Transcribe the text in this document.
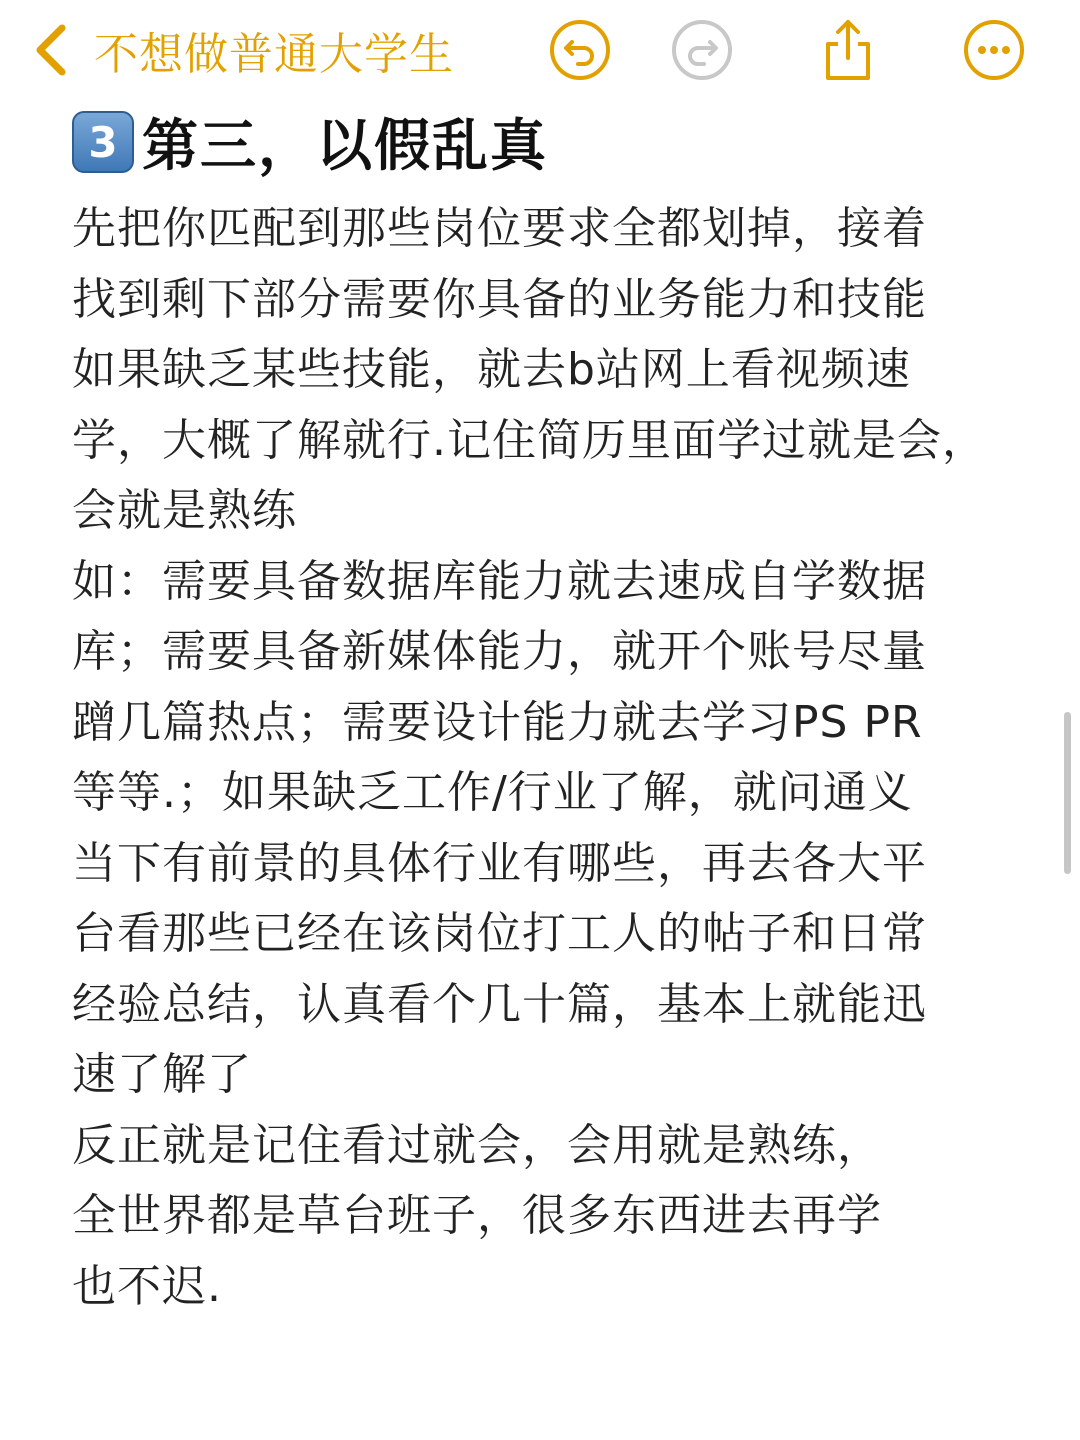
不想做普通大学生
3 第三，以假乱真
先把你匹配到那些岗位要求全都划掉，接着
找到剩下部分需要你具备的业务能力和技能
如果缺乏某些技能，就去b站网上看视频速
学，大概了解就行.记住简历里面学过就是会，
会就是熟练
如：需要具备数据库能力就去速成自学数据
库；需要具备新媒体能力，就开个账号尽量
蹭几篇热点；需要设计能力就去学习PS PR
等等.；如果缺乏工作/行业了解，就问通义
当下有前景的具体行业有哪些，再去各大平
台看那些已经在该岗位打工人的帖子和日常
经验总结，认真看个几十篇，基本上就能迅
速了解了
反正就是记住看过就会，会用就是熟练，
全世界都是草台班子，很多东西进去再学
也不迟.
